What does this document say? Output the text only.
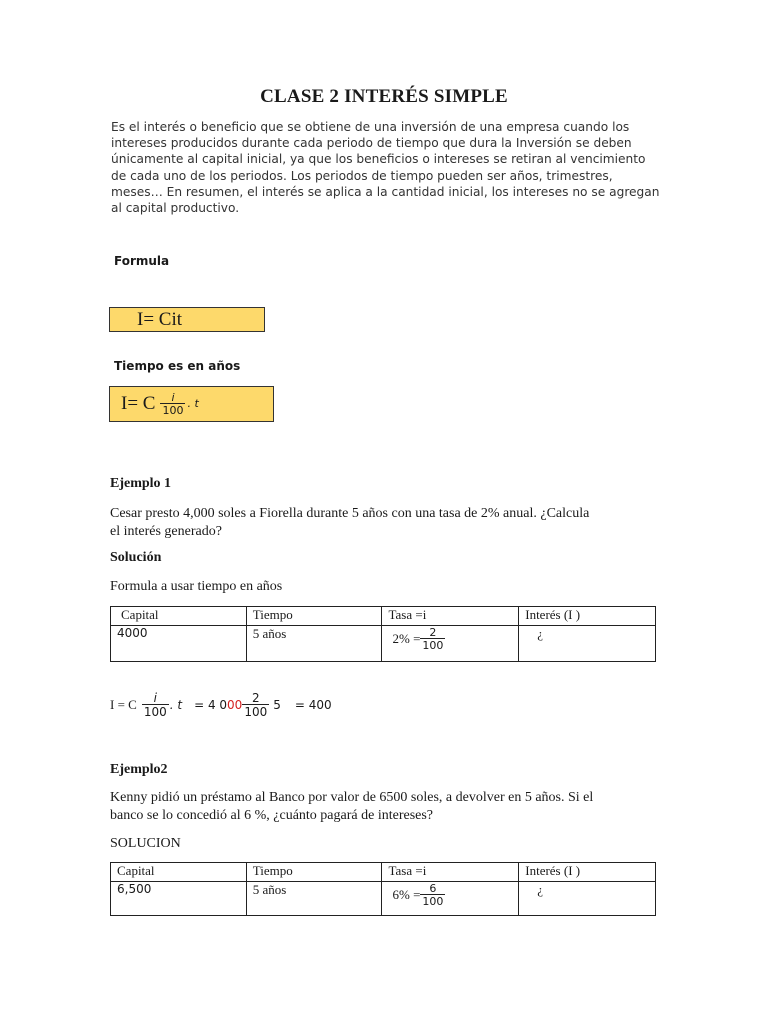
CLASE 2 INTERÉS SIMPLE
Es el interés o beneficio que se obtiene de una inversión de una empresa cuando los
intereses producidos durante cada periodo de tiempo que dura la Inversión se deben
únicamente al capital inicial, ya que los beneficios o intereses se retiran al vencimiento
de cada uno de los periodos. Los periodos de tiempo pueden ser años, trimestres,
meses… En resumen, el interés se aplica a la cantidad inicial, los intereses no se agregan
al capital productivo.
Formula
I= Cit
Tiempo es en años
I= C $\frac{i}{100}$ . t
Ejemplo 1
Cesar presto 4,000 soles a Fiorella durante 5 años con una tasa de 2% anual. ¿Calcula
el interés generado?
Solución
Formula a usar tiempo en años
Capital	Tiempo	Tasa =i	Interés (I )
4000	5 años	$2\% = \frac{2}{100}$	¿
I = C $\frac{i}{100}$ . t = 4 0 $00 \frac{2}{100} 5 = 400$
Ejemplo2
Kenny pidió un préstamo al Banco por valor de 6500 soles, a devolver en 5 años. Si el
banco se lo concedió al 6 %, ¿cuánto pagará de intereses?
SOLUCION
Capital	Tiempo	Tasa =i	Interés (I )
6,500	5 años	$6\% = \frac{6}{100}$	¿
